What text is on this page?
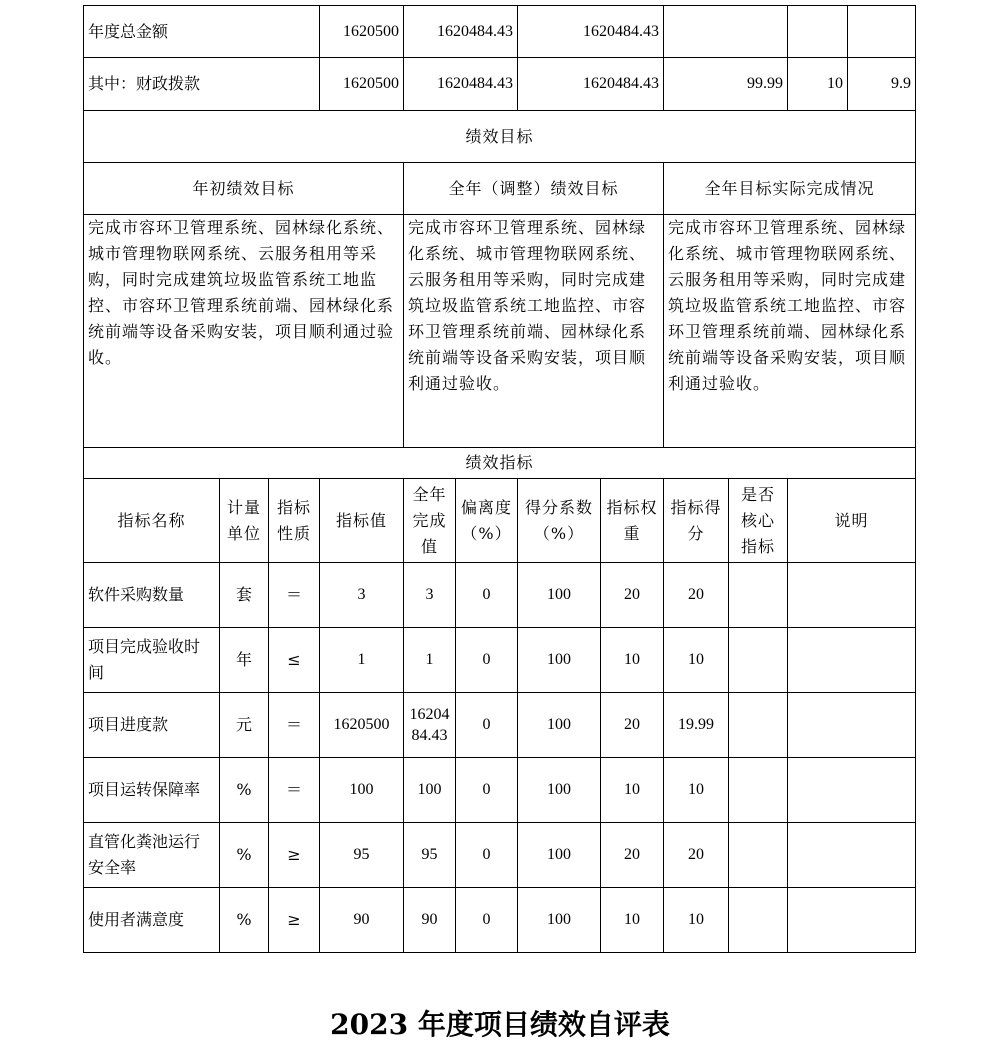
年度总金额			1620500	1620484.43		1620484.43					
其中：财政拨款			1620500	1620484.43		1620484.43		99.99		10	9.9
绩效目标											
年初绩效目标				全年（调整）绩效目标				全年目标实际完成情况			
完成市容环卫管理系统、园林绿化系统、城市管理物联网系统、云服务租用等采购，同时完成建筑垃圾监管系统工地监控、市容环卫管理系统前端、园林绿化系统前端等设备采购安装，项目顺利通过验收。				完成市容环卫管理系统、园林绿化系统、城市管理物联网系统、云服务租用等采购，同时完成建筑垃圾监管系统工地监控、市容环卫管理系统前端、园林绿化系统前端等设备采购安装，项目顺利通过验收。				完成市容环卫管理系统、园林绿化系统、城市管理物联网系统、云服务租用等采购，同时完成建筑垃圾监管系统工地监控、市容环卫管理系统前端、园林绿化系统前端等设备采购安装，项目顺利通过验收。			
绩效指标											
指标名称	计量单位	指标性质	指标值	全年完成值	偏离度（%）	得分系数（%）	指标权重	指标得分	是否核心指标	说明	
软件采购数量	套	＝	3	3	0	100	20	20			
项目完成验收时间	年	≤	1	1	0	100	10	10			
项目进度款	元	＝	1620500	1620484.43	0	100	20	19.99			
项目运转保障率	%	＝	100	100	0	100	10	10			
直管化粪池运行安全率	%	≥	95	95	0	100	20	20			
使用者满意度	%	≥	90	90	0	100	10	10			
2023 年度项目绩效自评表
